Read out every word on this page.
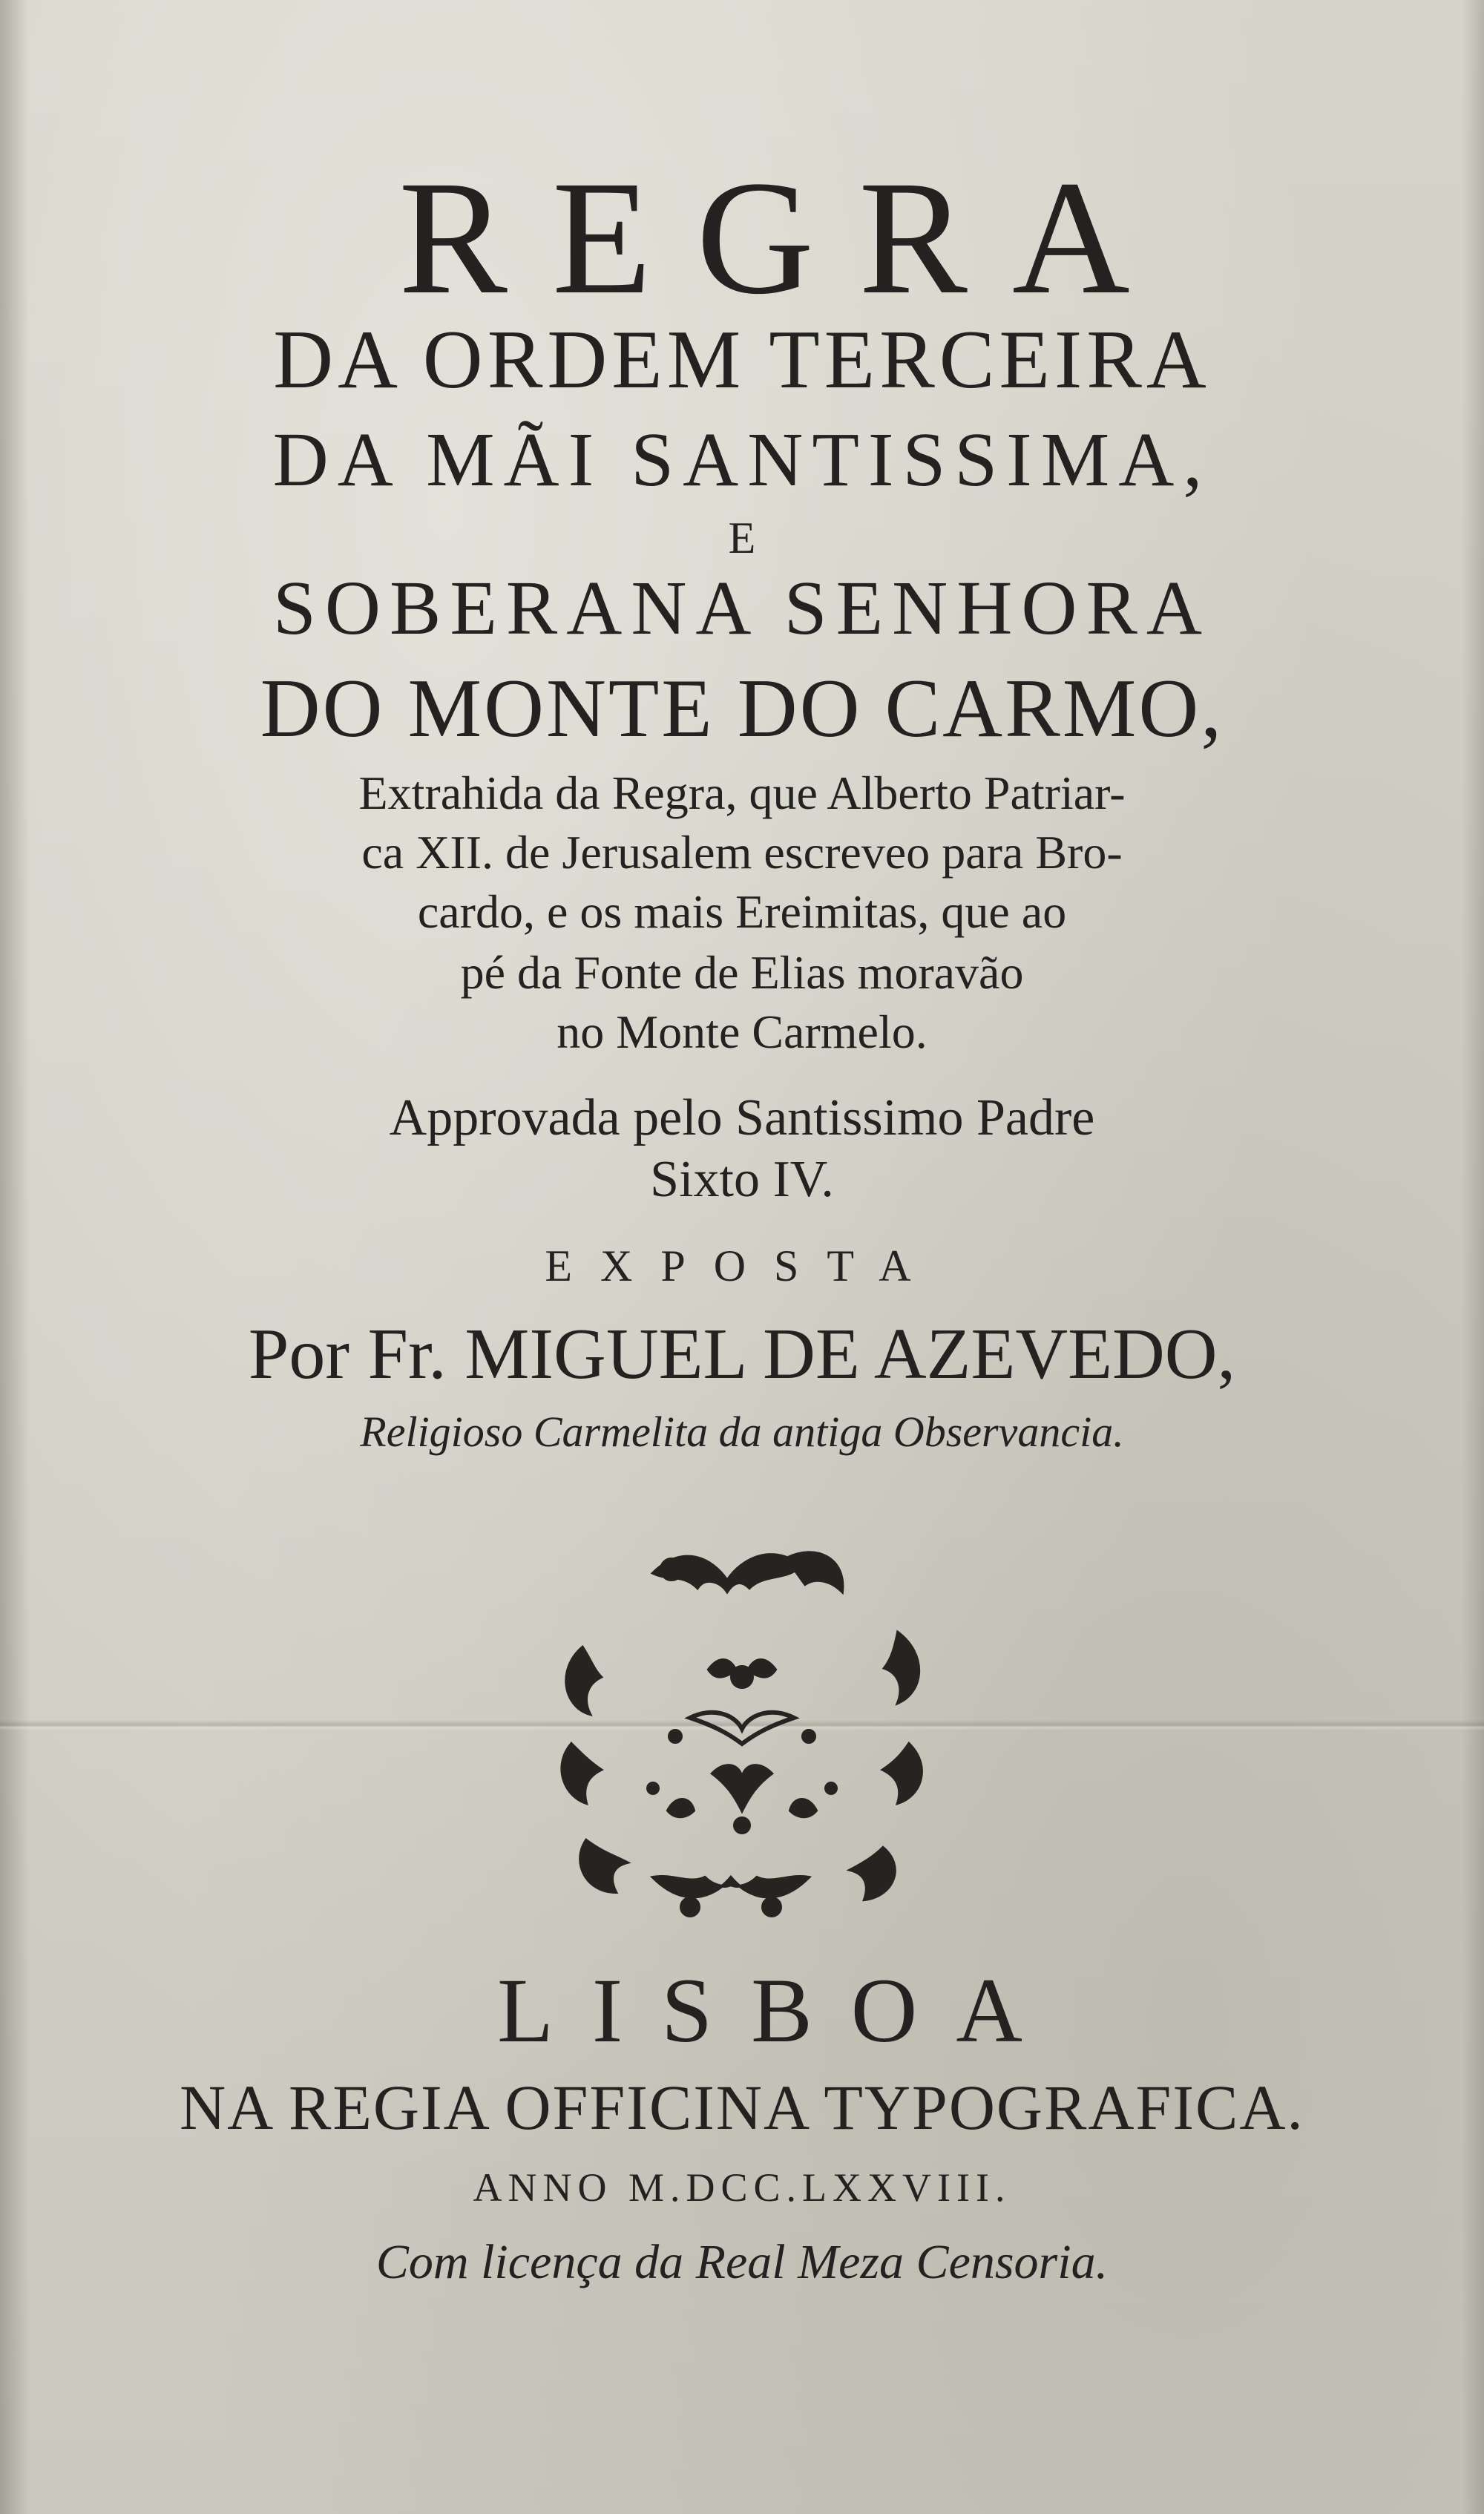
REGRA
DA ORDEM TERCEIRA
DA MÃI SANTISSIMA,
E
SOBERANA SENHORA
DO MONTE DO CARMO,
Extrahida da Regra, que Alberto Patriar-
ca XII. de Jerusalem escreveo para Bro-
cardo, e os mais Ereimitas, que ao
pé da Fonte de Elias moravão
no Monte Carmelo.
Approvada pelo Santissimo Padre
Sixto IV.
EXPOSTA
Por Fr. MIGUEL DE AZEVEDO,
Religioso Carmelita da antiga Observancia.
LISBOA
NA REGIA OFFICINA TYPOGRAFICA.
ANNO M.DCC.LXXVIII.
Com licença da Real Meza Censoria.
